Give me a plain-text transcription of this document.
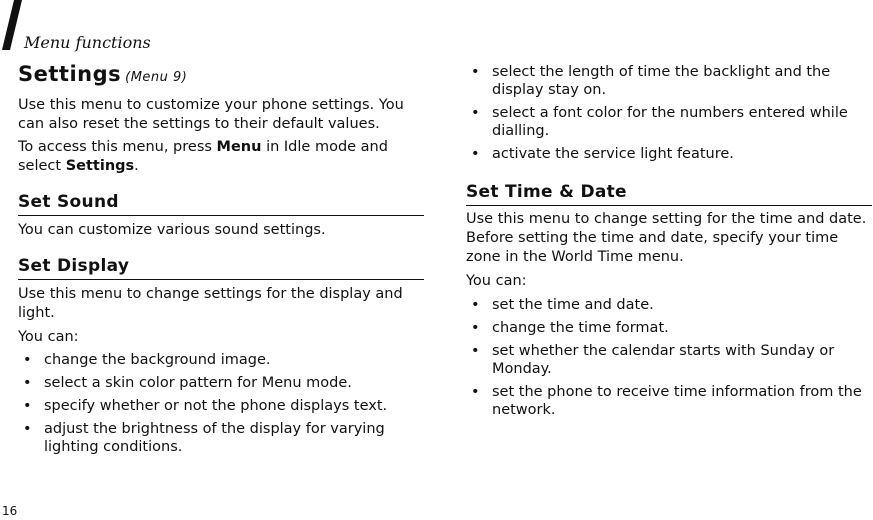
Menu functions
Settings (Menu 9)
Use this menu to customize your phone settings. You can also reset the settings to their default values.
To access this menu, press Menu in Idle mode and select Settings.
Set Sound
You can customize various sound settings.
Set Display
Use this menu to change settings for the display and light.
You can:
• change the background image.
• select a skin color pattern for Menu mode.
• specify whether or not the phone displays text.
• adjust the brightness of the display for varying lighting conditions.
• select the length of time the backlight and the display stay on.
• select a font color for the numbers entered while dialling.
• activate the service light feature.
Set Time & Date
Use this menu to change setting for the time and date. Before setting the time and date, specify your time zone in the World Time menu.
You can:
• set the time and date.
• change the time format.
• set whether the calendar starts with Sunday or Monday.
• set the phone to receive time information from the network.
16
